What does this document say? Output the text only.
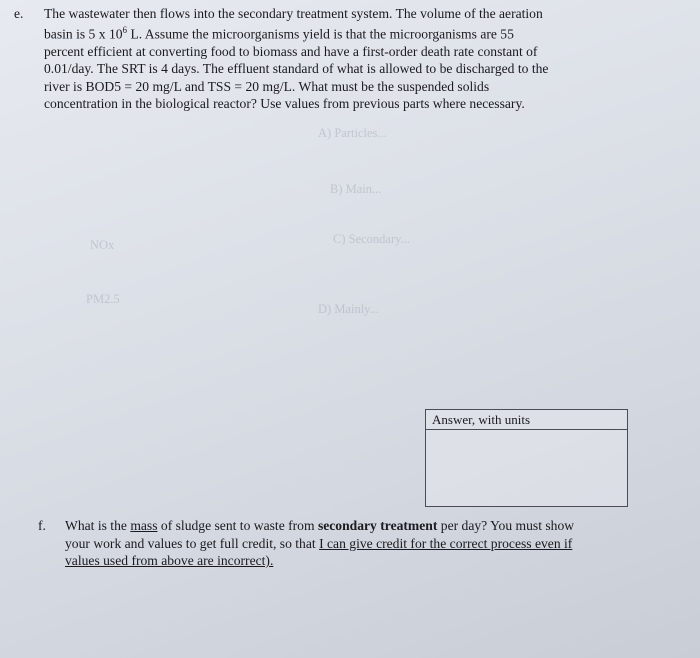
A) Particles...
B) Main...
C) Secondary...
D) Mainly...
NOx
PM2.5
e. The wastewater then flows into the secondary treatment system. The volume of the aeration
basin is 5 x $10^6$ L. Assume the microorganisms yield is that the microorganisms are 55
percent efficient at converting food to biomass and have a first-order death rate constant of
0.01/day. The SRT is 4 days. The effluent standard of what is allowed to be discharged to the
river is BOD5 = 20 mg/L and TSS = 20 mg/L. What must be the suspended solids
concentration in the biological reactor? Use values from previous parts where necessary.
Answer, with units
f. What is the mass of sludge sent to waste from secondary treatment per day? You must show
your work and values to get full credit, so that I can give credit for the correct process even if
values used from above are incorrect).
